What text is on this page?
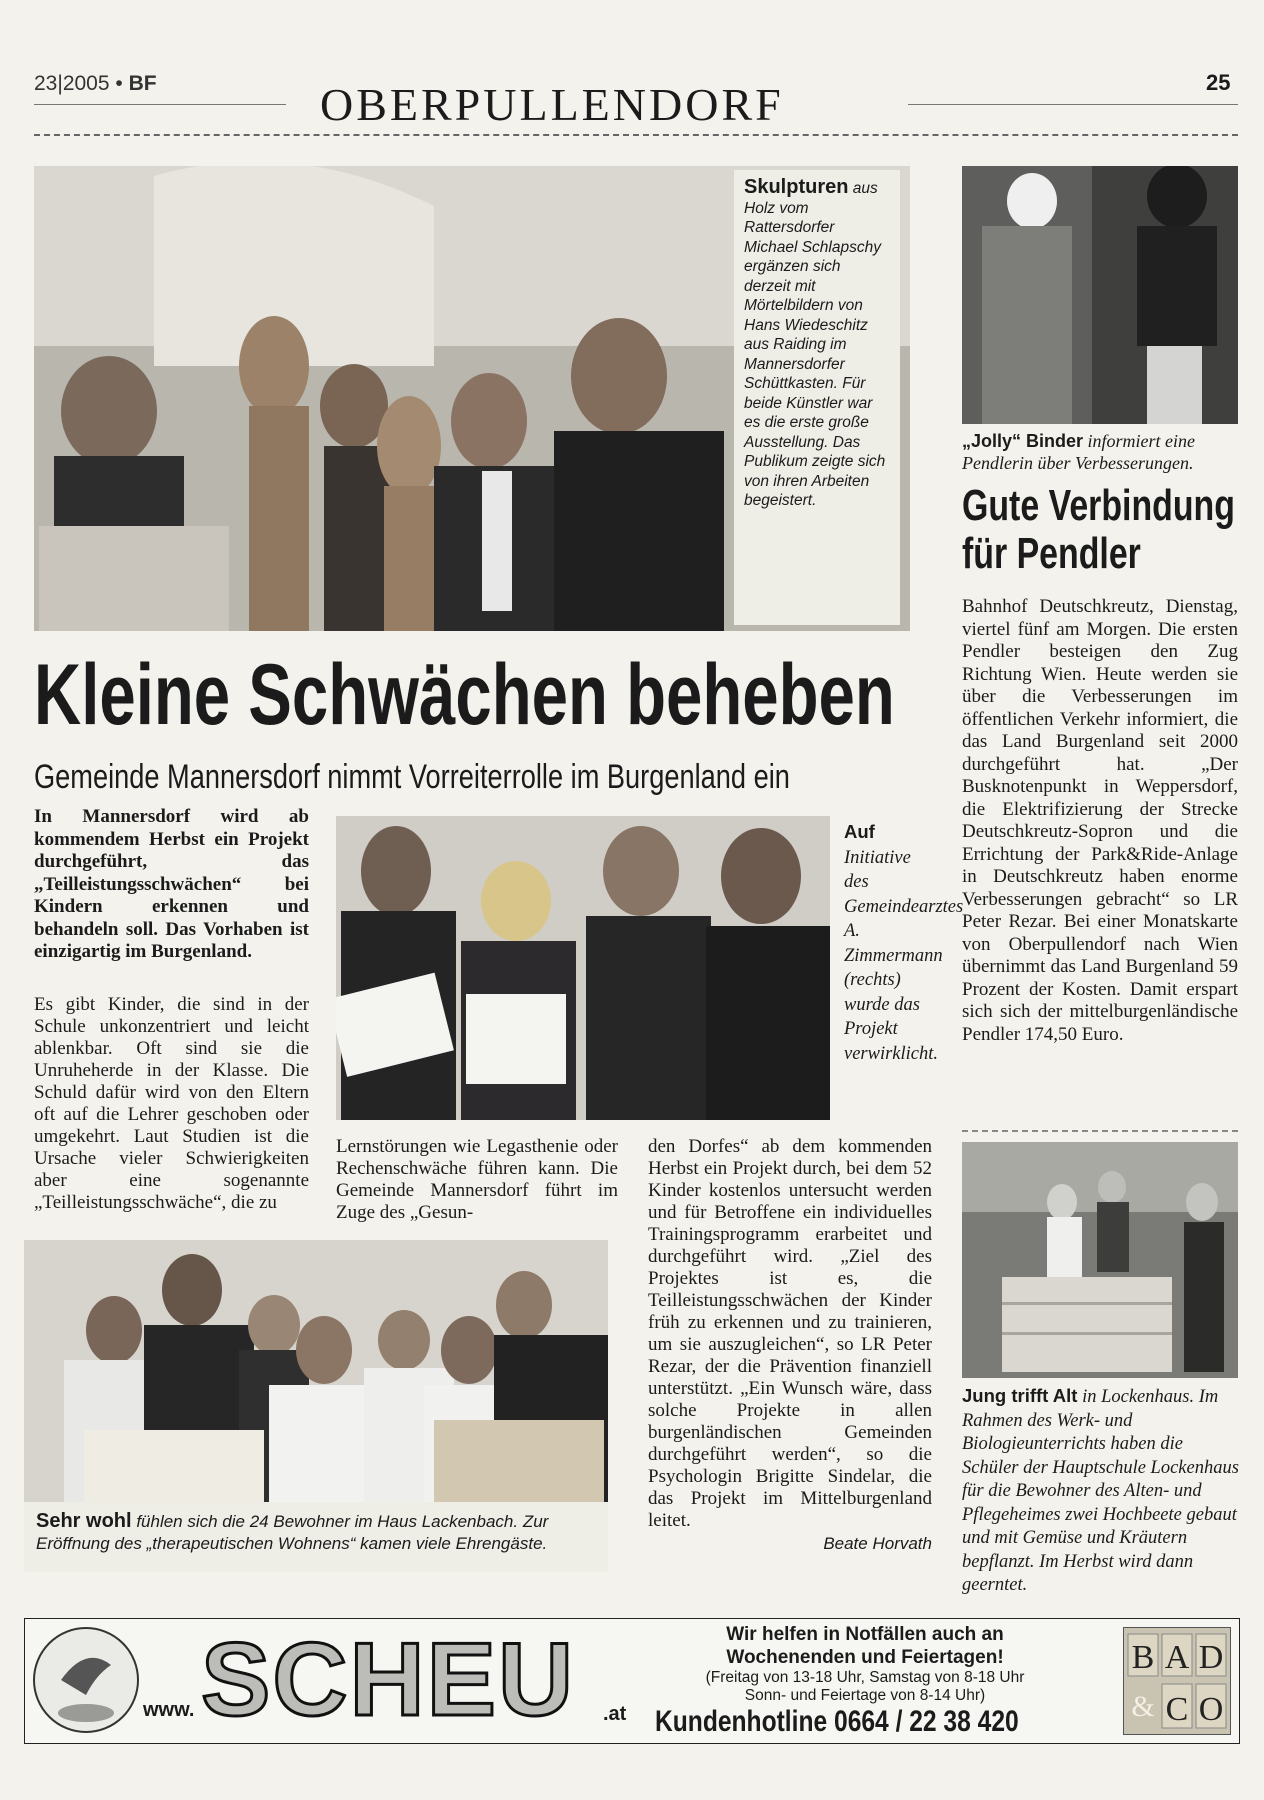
23|2005 • BF	OBERPULLENDORF	25
Skulpturen aus Holz vom Rattersdorfer Michael Schlapschy ergänzen sich derzeit mit Mörtelbildern von Hans Wiedeschitz aus Raiding im Mannersdorfer Schüttkasten. Für beide Künstler war es die erste große Ausstellung. Das Publikum zeigte sich von ihren Arbeiten begeistert.
Kleine Schwächen beheben
Gemeinde Mannersdorf nimmt Vorreiterrolle im Burgenland ein

In Mannersdorf wird ab kommendem Herbst ein Projekt durchgeführt, das „Teilleistungsschwächen“ bei Kindern erkennen und behandeln soll. Das Vorhaben ist einzigartig im Burgenland.

Es gibt Kinder, die sind in der Schule unkonzentriert und leicht ablenkbar. Oft sind sie die Unruheherde in der Klasse. Die Schuld dafür wird von den Eltern oft auf die Lehrer geschoben oder umgekehrt. Laut Studien ist die Ursache vieler Schwierigkeiten aber eine sogenannte „Teilleistungsschwäche“, die zu

Auf Initiative des Gemeindearztes A. Zimmermann (rechts) wurde das Projekt verwirklicht.

Lernstörungen wie Legasthenie oder Rechenschwäche führen kann. Die Gemeinde Mannersdorf führt im Zuge des „Gesun-

den Dorfes“ ab dem kommenden Herbst ein Projekt durch, bei dem 52 Kinder kostenlos untersucht werden und für Betroffene ein individuelles Trainingsprogramm erarbeitet und durchgeführt wird. „Ziel des Projektes ist es, die Teilleistungsschwächen der Kinder früh zu erkennen und zu trainieren, um sie auszugleichen“, so LR Peter Rezar, der die Prävention finanziell unterstützt. „Ein Wunsch wäre, dass solche Projekte in allen burgenländischen Gemeinden durchgeführt werden“, so die Psychologin Brigitte Sindelar, die das Projekt im Mittelburgenland leitet.

Beate Horvath
Sehr wohl fühlen sich die 24 Bewohner im Haus Lackenbach. Zur Eröffnung des „therapeutischen Wohnens“ kamen viele Ehrengäste.
„Jolly“ Binder informiert eine Pendlerin über Verbesserungen.
Gute Verbindung für Pendler

Bahnhof Deutschkreutz, Dienstag, viertel fünf am Morgen. Die ersten Pendler besteigen den Zug Richtung Wien. Heute werden sie über die Verbesserungen im öffentlichen Verkehr informiert, die das Land Burgenland seit 2000 durchgeführt hat. „Der Busknotenpunkt in Weppersdorf, die Elektrifizierung der Strecke Deutschkreutz-Sopron und die Errichtung der Park&Ride-Anlage in Deutschkreutz haben enorme Verbesserungen gebracht“ so LR Peter Rezar. Bei einer Monatskarte von Oberpullendorf nach Wien übernimmt das Land Burgenland 59 Prozent der Kosten. Damit erspart sich sich der mittelburgenländische Pendler 174,50 Euro.

Jung trifft Alt in Lockenhaus. Im Rahmen des Werk- und Biologieunterrichts haben die Schüler der Hauptschule Lockenhaus für die Bewohner des Alten- und Pflegeheimes zwei Hochbeete gebaut und mit Gemüse und Kräutern bepflanzt. Im Herbst wird dann geerntet.
www. SCHEU .at
Wir helfen in Notfällen auch an
Wochenenden und Feiertagen!
(Freitag von 13-18 Uhr, Samstag von 8-18 Uhr
Sonn- und Feiertage von 8-14 Uhr)
Kundenhotline 0664 / 22 38 420
B A D
& C O
